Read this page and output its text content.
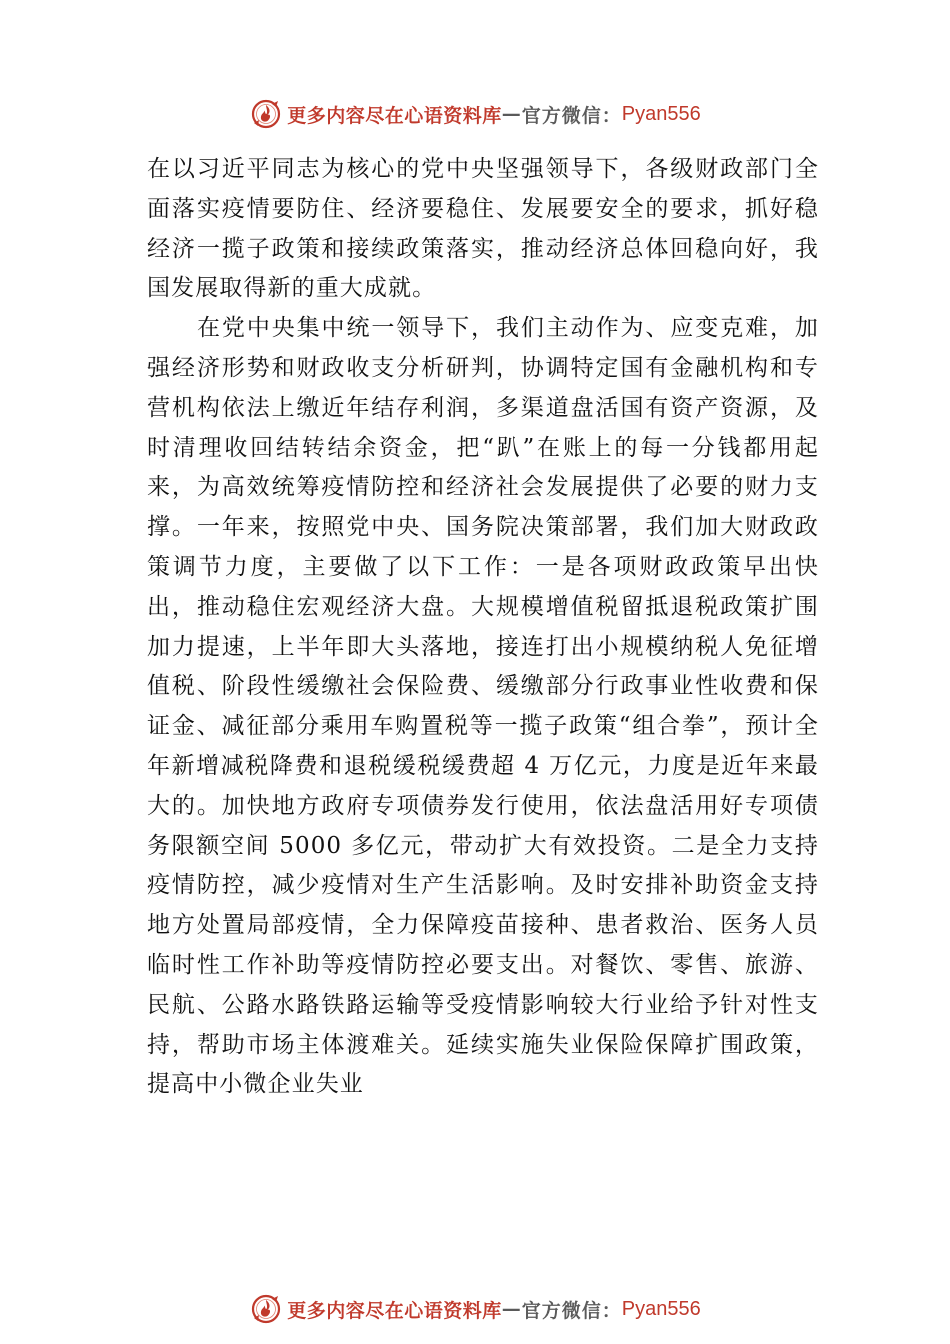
更多内容尽在心语资料库 — 官方微信： Pyan556

在以习近平同志为核心的党中央坚强领导下，各级财政部门全面落实疫情要防住、经济要稳住、发展要安全的要求，抓好稳经济一揽子政策和接续政策落实，推动经济总体回稳向好，我国发展取得新的重大成就。

在党中央集中统一领导下，我们主动作为、应变克难，加强经济形势和财政收支分析研判，协调特定国有金融机构和专营机构依法上缴近年结存利润，多渠道盘活国有资产资源，及时清理收回结转结余资金，把“趴”在账上的每一分钱都用起来，为高效统筹疫情防控和经济社会发展提供了必要的财力支撑。一年来，按照党中央、国务院决策部署，我们加大财政政策调节力度，主要做了以下工作：一是各项财政政策早出快出，推动稳住宏观经济大盘。大规模增值税留抵退税政策扩围加力提速，上半年即大头落地，接连打出小规模纳税人免征增值税、阶段性缓缴社会保险费、缓缴部分行政事业性收费和保证金、减征部分乘用车购置税等一揽子政策“组合拳”，预计全年新增减税降费和退税缓税缓费超 4 万亿元，力度是近年来最大的。加快地方政府专项债券发行使用，依法盘活用好专项债务限额空间 5000 多亿元，带动扩大有效投资。二是全力支持疫情防控，减少疫情对生产生活影响。及时安排补助资金支持地方处置局部疫情，全力保障疫苗接种、患者救治、医务人员临时性工作补助等疫情防控必要支出。对餐饮、零售、旅游、民航、公路水路铁路运输等受疫情影响较大行业给予针对性支持，帮助市场主体渡难关。延续实施失业保险保障扩围政策，提高中小微企业失业

更多内容尽在心语资料库 — 官方微信： Pyan556
